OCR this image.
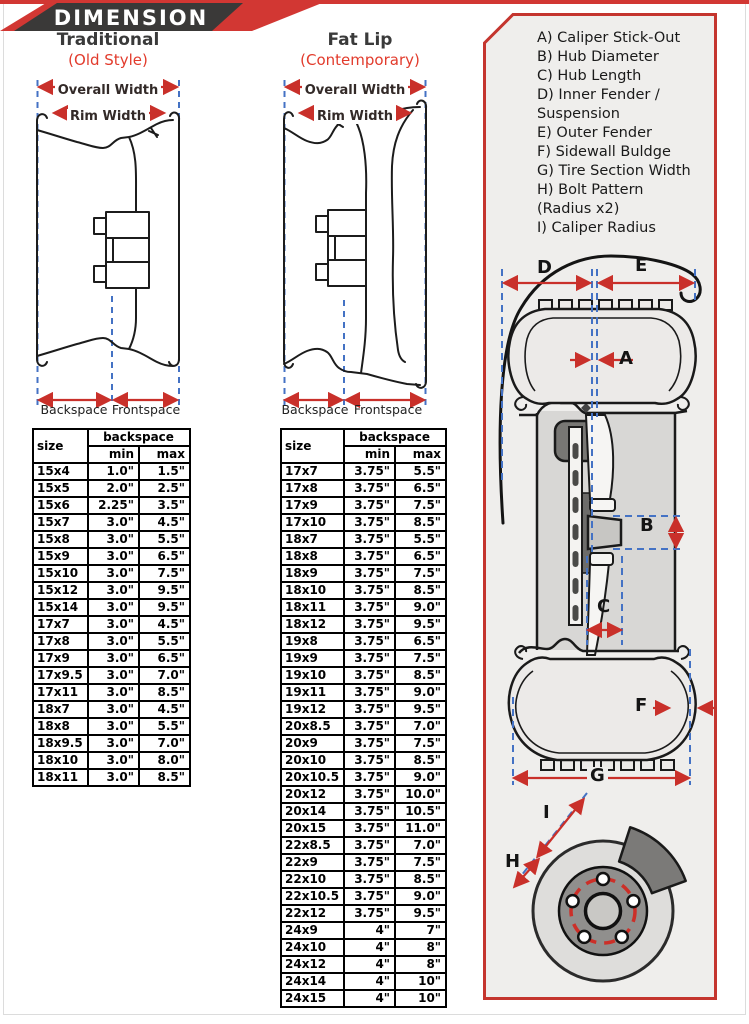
DIMENSION
Traditional
(Old Style)
Fat Lip
(Contemporary)
Overall Width
Rim Width
Backspace Frontspace
Overall Width
Rim Width
Backspace Frontspace
size	backspace	
	min	max
15x4	1.0"	1.5"
15x5	2.0"	2.5"
15x6	2.25"	3.5"
15x7	3.0"	4.5"
15x8	3.0"	5.5"
15x9	3.0"	6.5"
15x10	3.0"	7.5"
15x12	3.0"	9.5"
15x14	3.0"	9.5"
17x7	3.0"	4.5"
17x8	3.0"	5.5"
17x9	3.0"	6.5"
17x9.5	3.0"	7.0"
17x11	3.0"	8.5"
18x7	3.0"	4.5"
18x8	3.0"	5.5"
18x9.5	3.0"	7.0"
18x10	3.0"	8.0"
18x11	3.0"	8.5"
size	backspace	
	min	max
17x7	3.75"	5.5"
17x8	3.75"	6.5"
17x9	3.75"	7.5"
17x10	3.75"	8.5"
18x7	3.75"	5.5"
18x8	3.75"	6.5"
18x9	3.75"	7.5"
18x10	3.75"	8.5"
18x11	3.75"	9.0"
18x12	3.75"	9.5"
19x8	3.75"	6.5"
19x9	3.75"	7.5"
19x10	3.75"	8.5"
19x11	3.75"	9.0"
19x12	3.75"	9.5"
20x8.5	3.75"	7.0"
20x9	3.75"	7.5"
20x10	3.75"	8.5"
20x10.5	3.75"	9.0"
20x12	3.75"	10.0"
20x14	3.75"	10.5"
20x15	3.75"	11.0"
22x8.5	3.75"	7.0"
22x9	3.75"	7.5"
22x10	3.75"	8.5"
22x10.5	3.75"	9.0"
22x12	3.75"	9.5"
24x9	4"	7"
24x10	4"	8"
24x12	4"	8"
24x14	4"	10"
24x15	4"	10"
A) Caliper Stick-Out
B) Hub Diameter
C) Hub Length
D) Inner Fender /
Suspension
E) Outer Fender
F) Sidewall Buldge
G) Tire Section Width
H) Bolt Pattern
(Radius x2)
I) Caliper Radius
D	E
A
B
C
F
G
I
H
